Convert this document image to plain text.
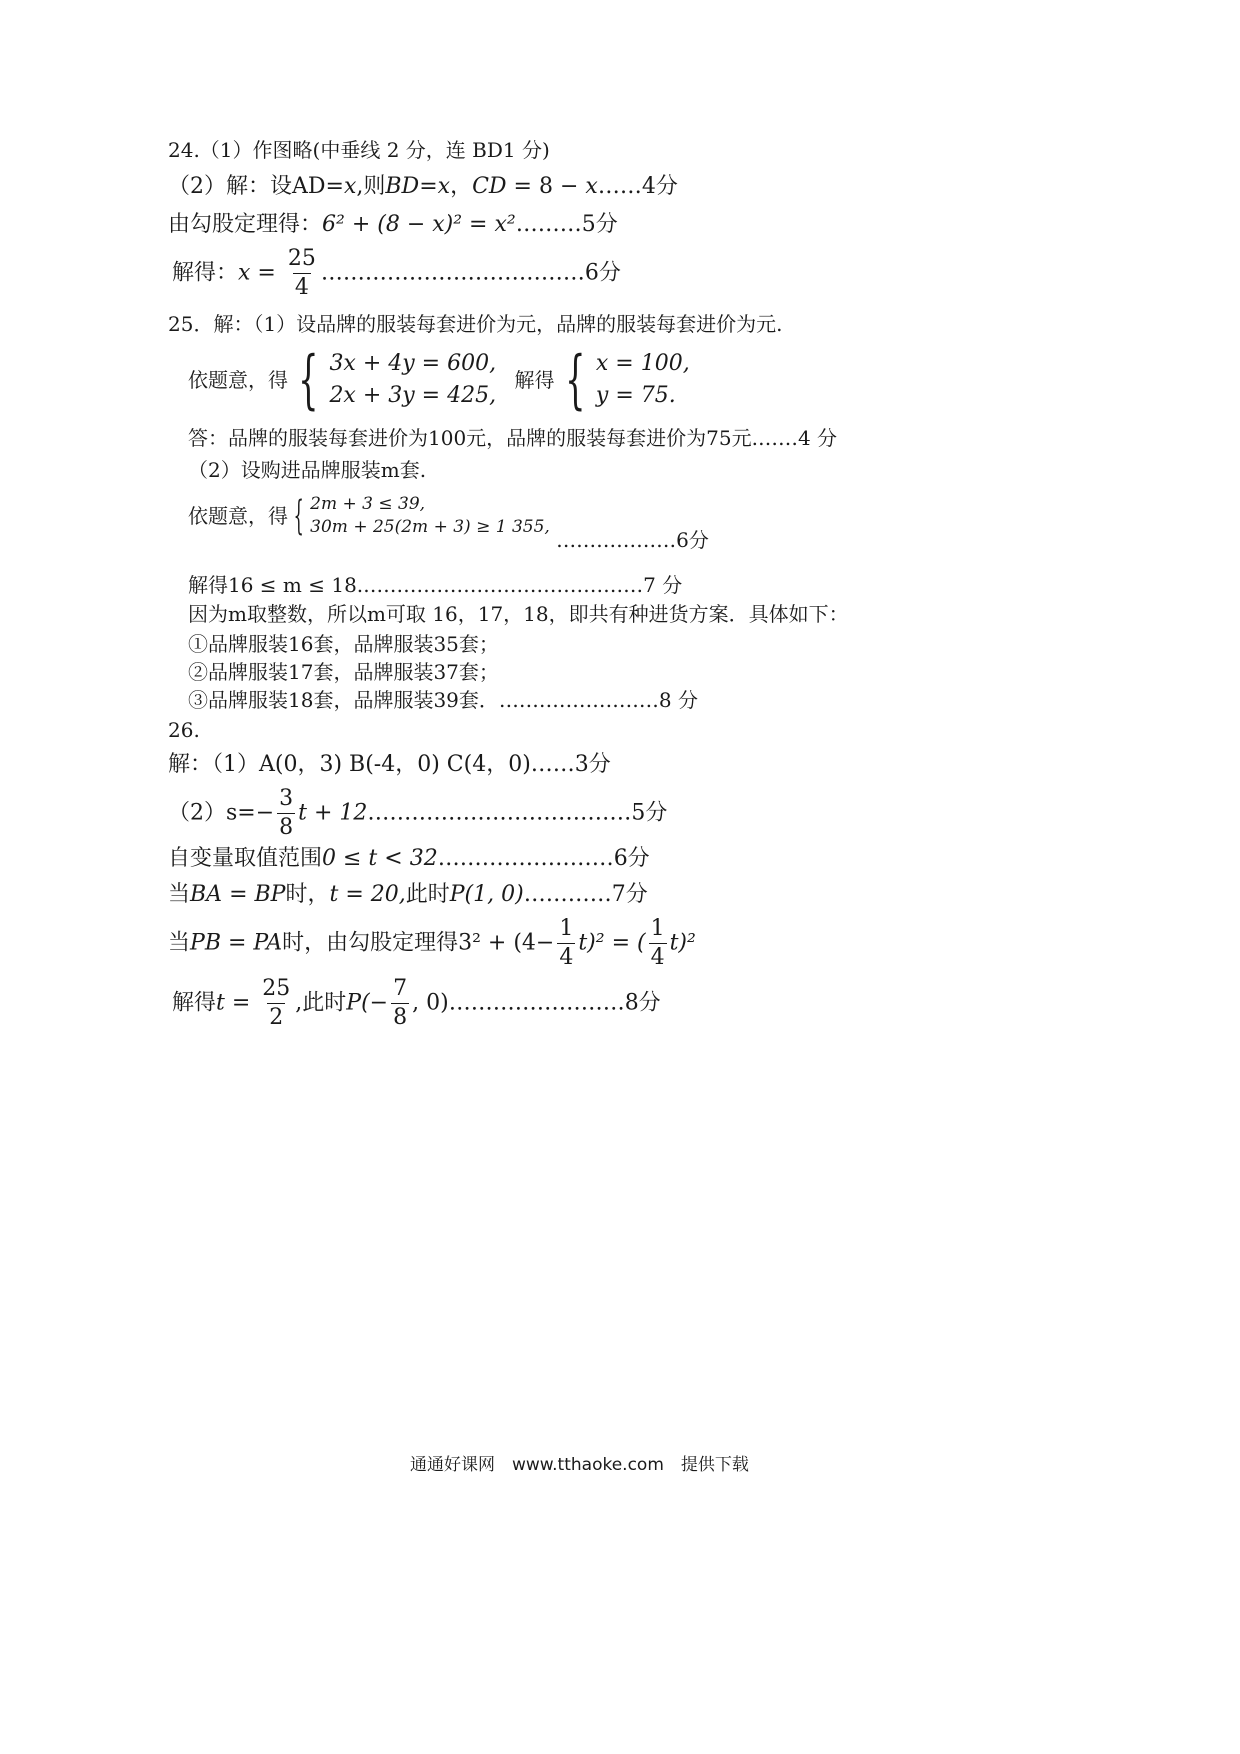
24.（1）作图略(中垂线 2 分，连 BD1 分)
（2）解：设AD=x,则BD=x，CD = 8 − x……4分
由勾股定理得：6² + (8 − x)² = x²………5分
解得：$x = \frac{25}{4}$ ………………………………6分
25．解：（1）设品牌的服装每套进价为元，品牌的服装每套进价为元.
依题意，得 { 3x + 4y = 600,
2x + 3y = 425,
解得 { x = 100,
y = 75.
答：品牌的服装每套进价为100元，品牌的服装每套进价为75元.……4 分
（2）设购进品牌服装m套.
依题意，得 { 2m + 3 ≤ 39,
30m + 25(2m + 3) ≥ 1 355,
………………6分
解得16 ≤ m ≤ 18.……………………………………7 分
因为m取整数，所以m可取 16，17，18，即共有种进货方案．具体如下：
①品牌服装16套，品牌服装35套；
②品牌服装17套，品牌服装37套；
③品牌服装18套，品牌服装39套．……………………8 分
26.
解：（1）A(0，3) B(-4，0) C(4，0)……3分
$(2)s=- \frac{3}{8}$ t + 12………………………………5分
自变量取值范围0 ≤ t < 32……………………6分
当BA = BP时，t = 20,此时P(1, 0)…………7分
当PB = PA时，由勾股定理得$3^2 + (4- \frac{1}{4} t)^2$ = ( $\frac{1}{4} t)^2$
解得$t = \frac{25}{2}$ ,此时$P(- \frac{7}{8}$ , 0)……………………8分
通通好课网　www.tthaoke.com　提供下载
